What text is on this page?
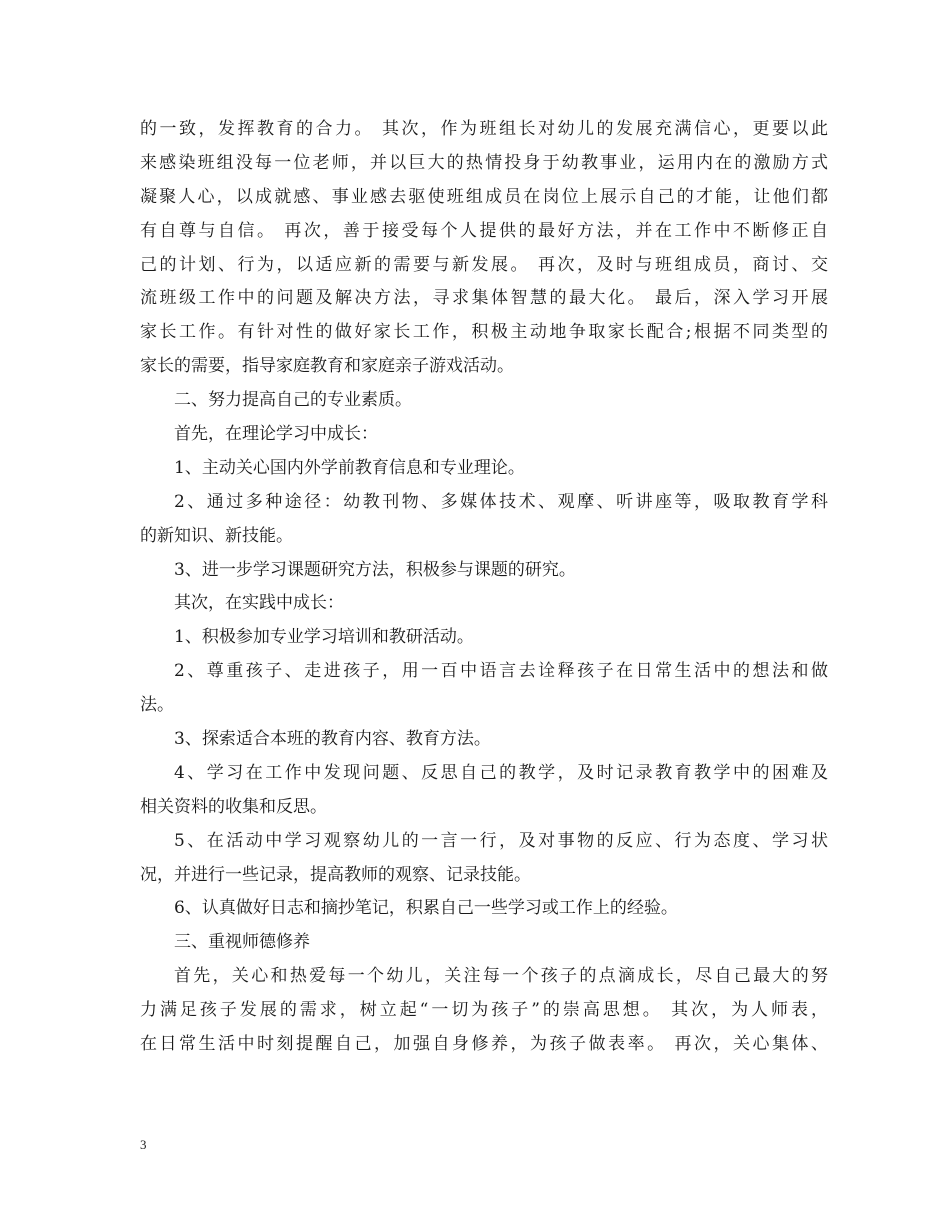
的一致，发挥教育的合力。 其次，作为班组长对幼儿的发展充满信心，更要以此
来感染班组没每一位老师，并以巨大的热情投身于幼教事业，运用内在的激励方式
凝聚人心，以成就感、事业感去驱使班组成员在岗位上展示自己的才能，让他们都
有自尊与自信。 再次，善于接受每个人提供的最好方法，并在工作中不断修正自
己的计划、行为，以适应新的需要与新发展。 再次，及时与班组成员，商讨、交
流班级工作中的问题及解决方法，寻求集体智慧的最大化。 最后，深入学习开展
家长工作。有针对性的做好家长工作，积极主动地争取家长配合;根据不同类型的
家长的需要，指导家庭教育和家庭亲子游戏活动。
二、努力提高自己的专业素质。
首先，在理论学习中成长：
1、主动关心国内外学前教育信息和专业理论。
2、通过多种途径：幼教刊物、多媒体技术、观摩、听讲座等，吸取教育学科
的新知识、新技能。
3、进一步学习课题研究方法，积极参与课题的研究。
其次，在实践中成长：
1、积极参加专业学习培训和教研活动。
2、尊重孩子、走进孩子，用一百中语言去诠释孩子在日常生活中的想法和做
法。
3、探索适合本班的教育内容、教育方法。
4、学习在工作中发现问题、反思自己的教学，及时记录教育教学中的困难及
相关资料的收集和反思。
5、在活动中学习观察幼儿的一言一行，及对事物的反应、行为态度、学习状
况，并进行一些记录，提高教师的观察、记录技能。
6、认真做好日志和摘抄笔记，积累自己一些学习或工作上的经验。
三、重视师德修养
首先，关心和热爱每一个幼儿，关注每一个孩子的点滴成长，尽自己最大的努
力满足孩子发展的需求，树立起“一切为孩子”的崇高思想。 其次，为人师表，
在日常生活中时刻提醒自己，加强自身修养，为孩子做表率。 再次，关心集体、
3
